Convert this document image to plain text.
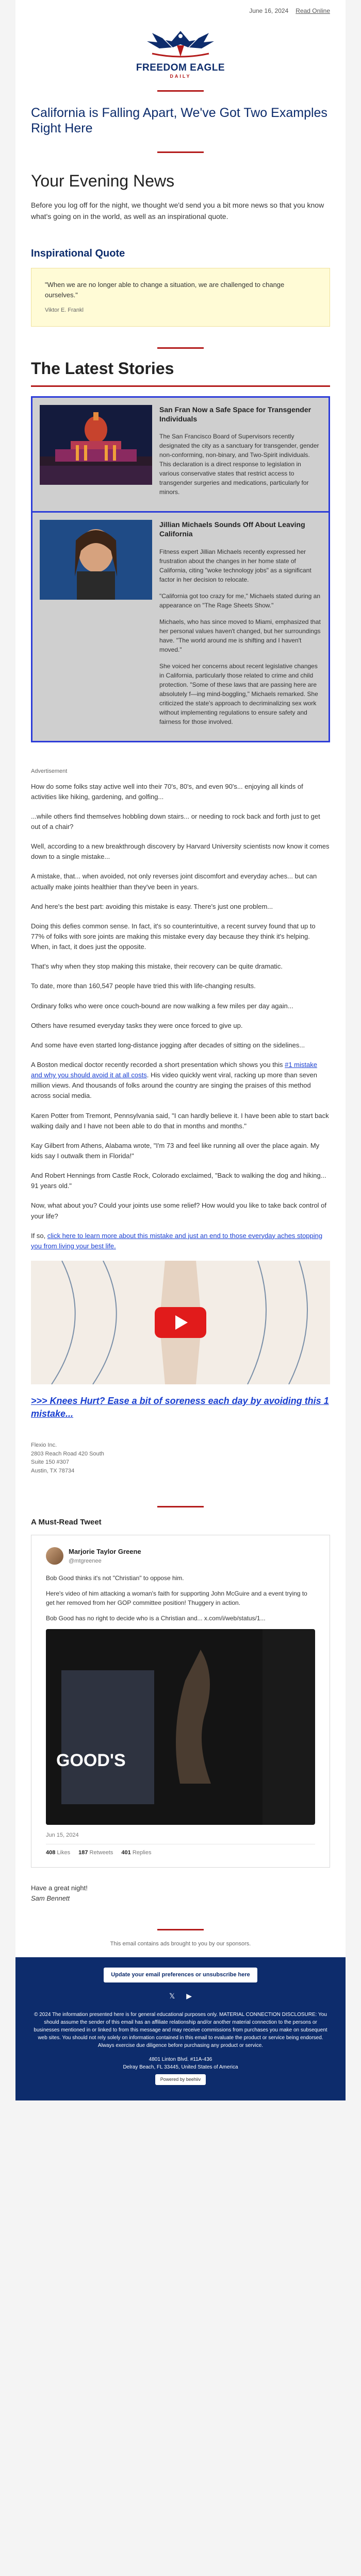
June 16, 2024 Read Online
FREEDOM EAGLE
DAILY
California is Falling Apart, We've Got Two Examples Right Here
Your Evening News

Before you log off for the night, we thought we'd send you a bit more news so that you know what's going on in the world, as well as an inspirational quote.

Inspirational Quote
"When we are no longer able to change a situation, we are challenged to change ourselves."
Viktor E. Frankl
The Latest Stories
San Fran Now a Safe Space for Transgender Individuals

The San Francisco Board of Supervisors recently designated the city as a sanctuary for transgender, gender non-conforming, non-binary, and Two-Spirit individuals. This declaration is a direct response to legislation in various conservative states that restrict access to transgender surgeries and medications, particularly for minors.

Jillian Michaels Sounds Off About Leaving California

Fitness expert Jillian Michaels recently expressed her frustration about the changes in her home state of California, citing "woke technology jobs" as a significant factor in her decision to relocate.

"California got too crazy for me," Michaels stated during an appearance on "The Rage Sheets Show."

Michaels, who has since moved to Miami, emphasized that her personal values haven't changed, but her surroundings have. "The world around me is shifting and I haven't moved."

She voiced her concerns about recent legislative changes in California, particularly those related to crime and child protection. "Some of these laws that are passing here are absolutely f—ing mind-boggling," Michaels remarked. She criticized the state's approach to decriminalizing sex work without implementing regulations to ensure safety and fairness for those involved.

Advertisement

How do some folks stay active well into their 70's, 80's, and even 90's... enjoying all kinds of activities like hiking, gardening, and golfing...

...while others find themselves hobbling down stairs... or needing to rock back and forth just to get out of a chair?

Well, according to a new breakthrough discovery by Harvard University scientists now know it comes down to a single mistake...

A mistake, that... when avoided, not only reverses joint discomfort and everyday aches... but can actually make joints healthier than they've been in years.

And here's the best part: avoiding this mistake is easy. There's just one problem...

Doing this defies common sense. In fact, it's so counterintuitive, a recent survey found that up to 77% of folks with sore joints are making this mistake every day because they think it's helping. When, in fact, it does just the opposite.

That's why when they stop making this mistake, their recovery can be quite dramatic.

To date, more than 160,547 people have tried this with life-changing results.

Ordinary folks who were once couch-bound are now walking a few miles per day again...

Others have resumed everyday tasks they were once forced to give up.

And some have even started long-distance jogging after decades of sitting on the sidelines...

A Boston medical doctor recently recorded a short presentation which shows you this #1 mistake and why you should avoid it at all costs. His video quickly went viral, racking up more than seven million views. And thousands of folks around the country are singing the praises of this method across social media.

Karen Potter from Tremont, Pennsylvania said, "I can hardly believe it. I have been able to start back walking daily and I have not been able to do that in months and months."

Kay Gilbert from Athens, Alabama wrote, "I'm 73 and feel like running all over the place again. My kids say I outwalk them in Florida!"

And Robert Hennings from Castle Rock, Colorado exclaimed, "Back to walking the dog and hiking... 91 years old."

Now, what about you? Could your joints use some relief? How would you like to take back control of your life?

If so, click here to learn more about this mistake and just an end to those everyday aches stopping you from living your best life.

>>> Knees Hurt? Ease a bit of soreness each day by avoiding this 1 mistake...
Flexio Inc.
2803 Reach Road 420 South
Suite 150 #307
Austin, TX 78734
A Must-Read Tweet
Marjorie Taylor Greene
@mtgreenee

Bob Good thinks it's not "Christian" to oppose him.

Here's video of him attacking a woman's faith for supporting John McGuire and a event trying to get her removed from her GOP committee position! Thuggery in action.

Bob Good has no right to decide who is a Christian and... x.com/i/web/status/1...

GOOD'S
Jun 15, 2024
408 Likes 187 Retweets 401 Replies
Have a great night!
Sam Bennett
This email contains ads brought to you by our sponsors.
Update your email preferences or unsubscribe here
𝕏 ▶

© 2024 The information presented here is for general educational purposes only. MATERIAL CONNECTION DISCLOSURE: You should assume the sender of this email has an affiliate relationship and/or another material connection to the persons or businesses mentioned in or linked to from this message and may receive commissions from purchases you make on subsequent web sites. You should not rely solely on information contained in this email to evaluate the product or service being endorsed. Always exercise due diligence before purchasing any product or service.

4801 Linton Blvd. #11A-436
Delray Beach, FL 33445, United States of America
Powered by beehiiv
